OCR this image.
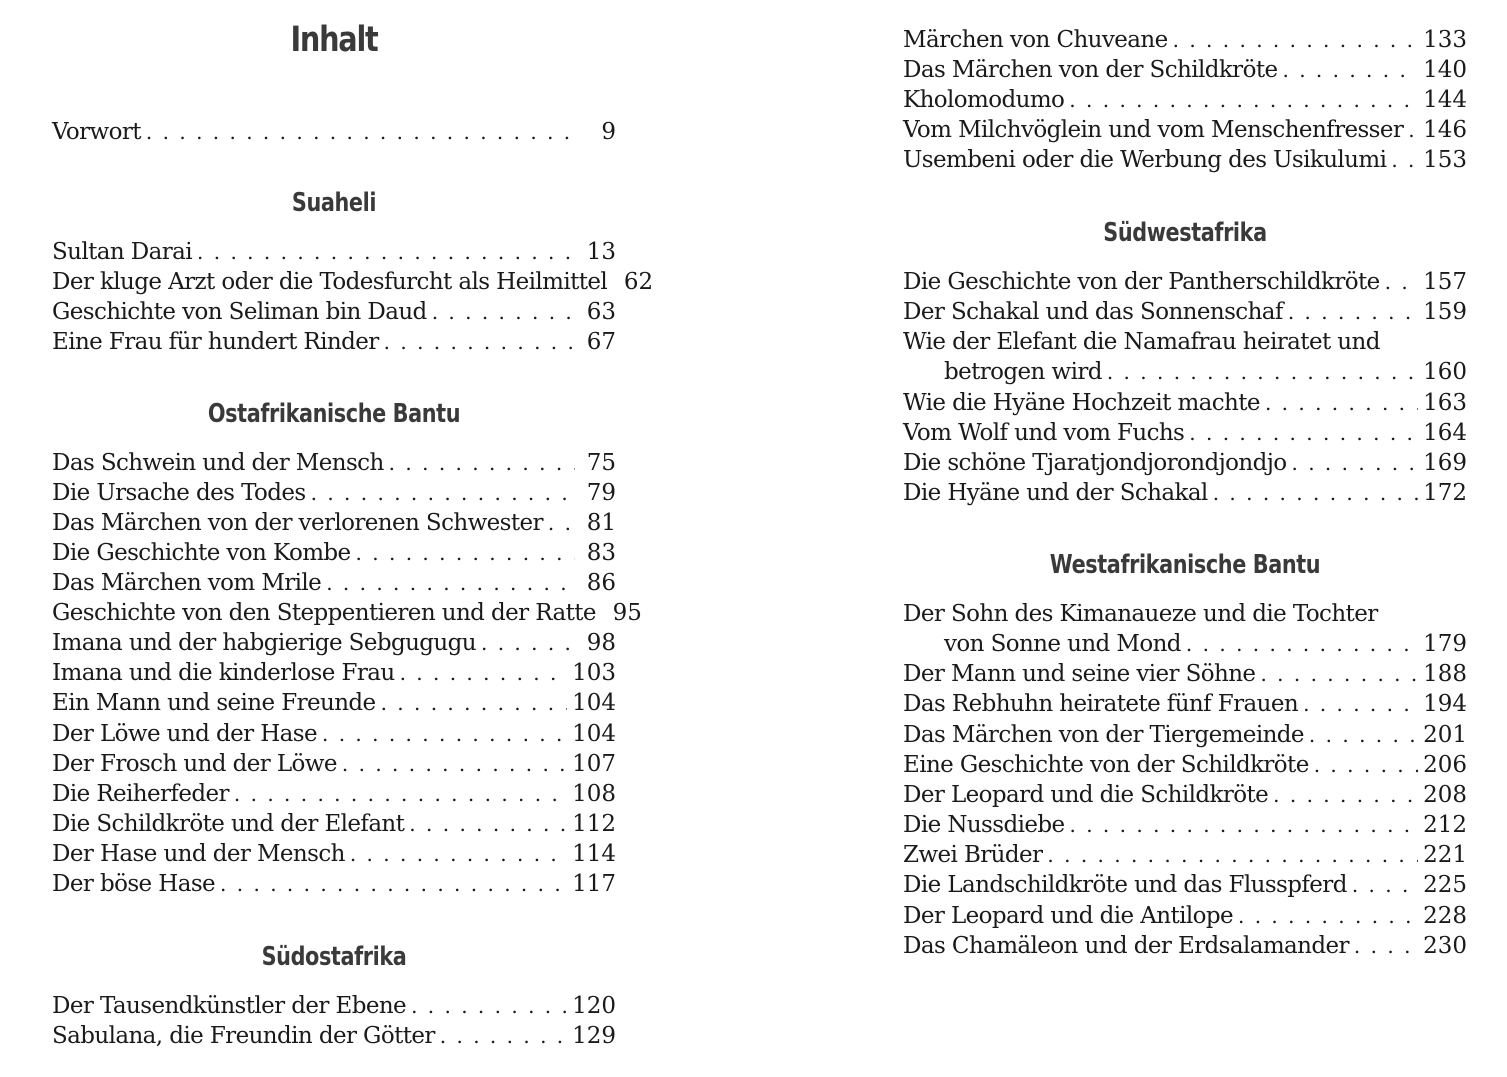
Inhalt
Vorwort . . .	9
Suaheli
Sultan Darai . . .	13
Der kluge Arzt oder die Todesfurcht als Heilmittel 62
Geschichte von Seliman bin Daud . . .	63
Eine Frau für hundert Rinder . . .	67
Ostafrikanische Bantu
Das Schwein und der Mensch . . .	75
Die Ursache des Todes . . .	79
Das Märchen von der verlorenen Schwester . . . 81
Die Geschichte von Kombe . . .	83
Das Märchen vom Mrile . . .	86
Geschichte von den Steppentieren und der Ratte 95
Imana und der habgierige Sebgugugu . . .	98
Imana und die kinderlose Frau . . .	103
Ein Mann und seine Freunde . . .	104
Der Löwe und der Hase . . .	104
Der Frosch und der Löwe . . .	107
Die Reiherfeder . . .	108
Die Schildkröte und der Elefant . . .	112
Der Hase und der Mensch . . .	114
Der böse Hase . . .	117
Südostafrika
Der Tausendkünstler der Ebene . . .	120
Sabulana, die Freundin der Götter . . .	129
Märchen von Chuveane . . .	133
Das Märchen von der Schildkröte . . .	140
Kholomodumo . . .	144
Vom Milchvöglein und vom Menschenfresser . . . 146
Usembeni oder die Werbung des Usikulumi . . . 153
Südwestafrika
Die Geschichte von der Pantherschildkröte . . . 157
Der Schakal und das Sonnenschaf . . .	159
Wie der Elefant die Namafrau heiratet und
betrogen wird . . .	160
Wie die Hyäne Hochzeit machte . . .	163
Vom Wolf und vom Fuchs . . .	164
Die schöne Tjaratjondjorondjondjo . . .	169
Die Hyäne und der Schakal . . .	172
Westafrikanische Bantu
Der Sohn des Kimanaueze und die Tochter
von Sonne und Mond . . .	179
Der Mann und seine vier Söhne . . .	188
Das Rebhuhn heiratete fünf Frauen . . .	194
Das Märchen von der Tiergemeinde . . .	201
Eine Geschichte von der Schildkröte . . .	206
Der Leopard und die Schildkröte . . .	208
Die Nussdiebe . . .	212
Zwei Brüder . . .	221
Die Landschildkröte und das Flusspferd . . .	225
Der Leopard und die Antilope . . .	228
Das Chamäleon und der Erdsalamander . . .	230
